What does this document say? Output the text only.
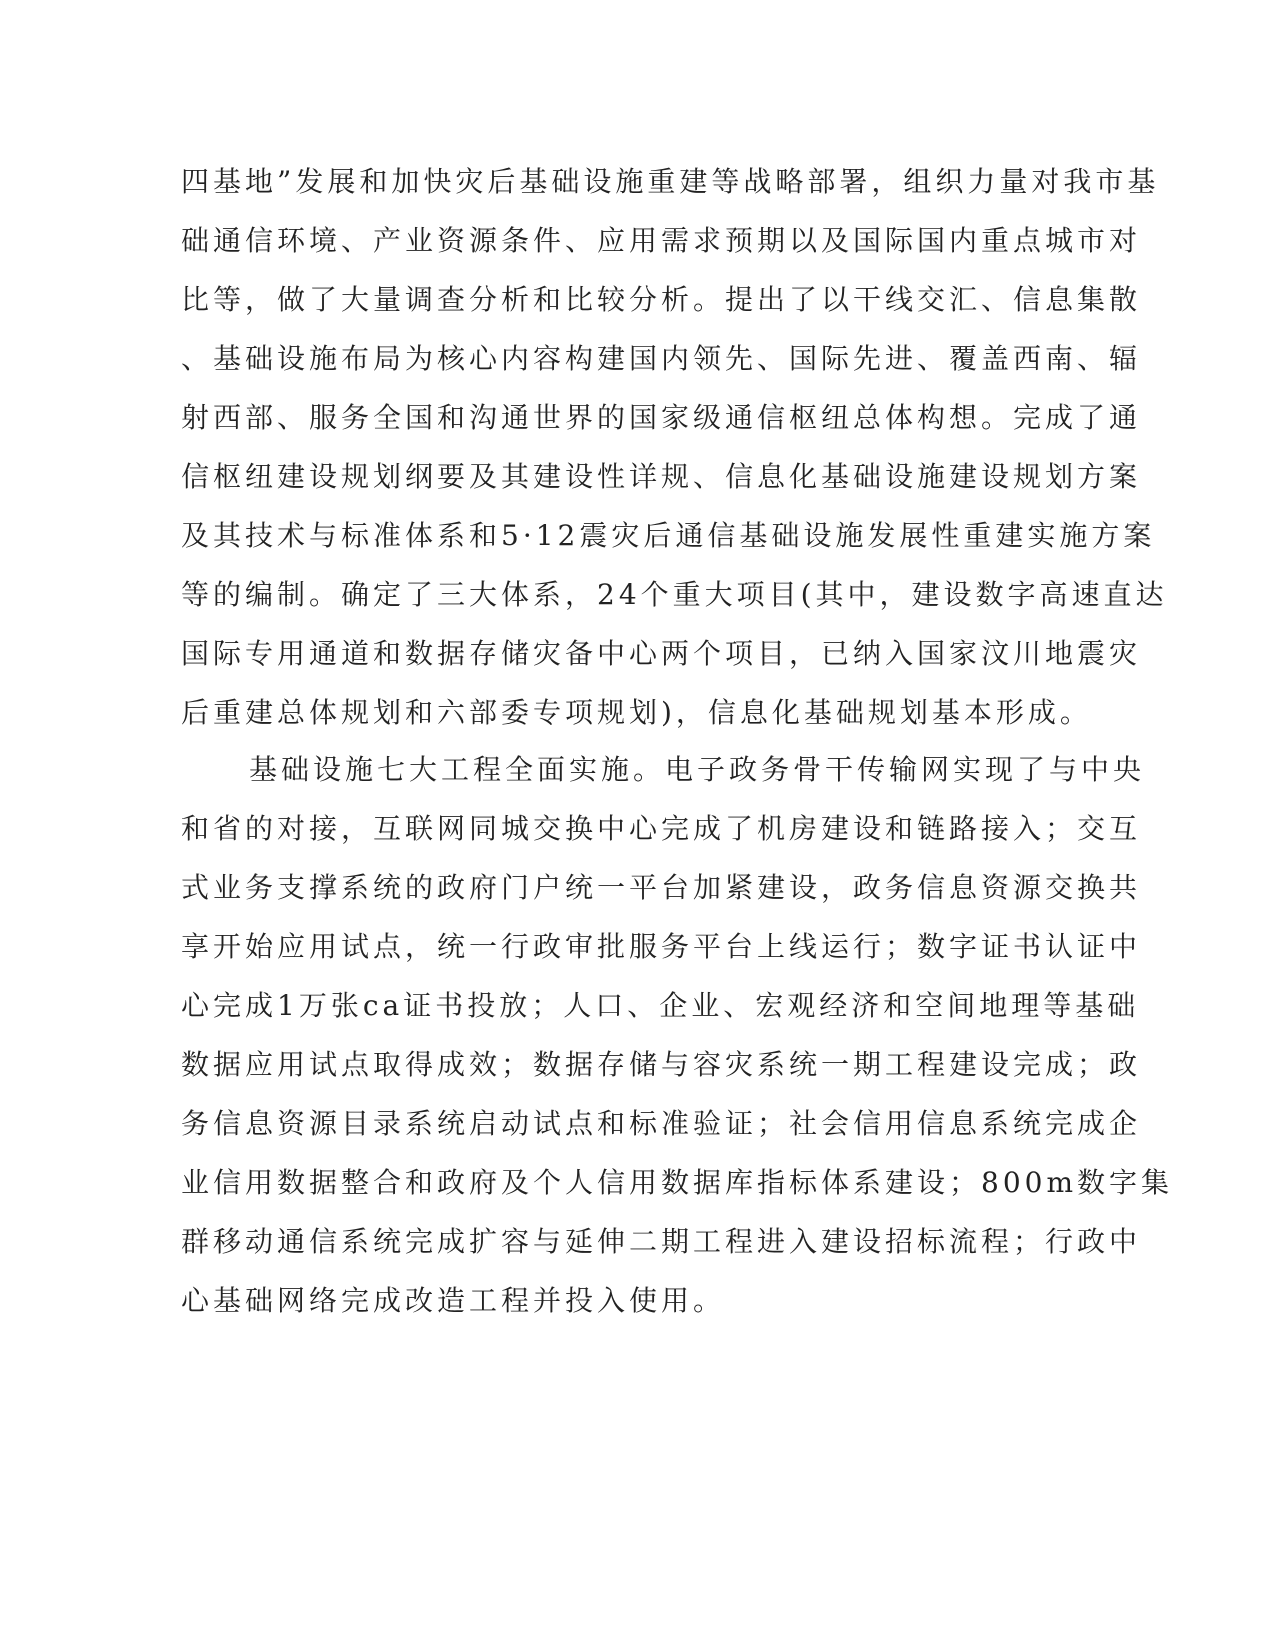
四基地”发展和加快灾后基础设施重建等战略部署，组织力量对我市基
础通信环境、产业资源条件、应用需求预期以及国际国内重点城市对
比等，做了大量调查分析和比较分析。提出了以干线交汇、信息集散
、基础设施布局为核心内容构建国内领先、国际先进、覆盖西南、辐
射西部、服务全国和沟通世界的国家级通信枢纽总体构想。完成了通
信枢纽建设规划纲要及其建设性详规、信息化基础设施建设规划方案
及其技术与标准体系和5·12震灾后通信基础设施发展性重建实施方案
等的编制。确定了三大体系，24个重大项目(其中，建设数字高速直达
国际专用通道和数据存储灾备中心两个项目，已纳入国家汶川地震灾
后重建总体规划和六部委专项规划)，信息化基础规划基本形成。
基础设施七大工程全面实施。电子政务骨干传输网实现了与中央
和省的对接，互联网同城交换中心完成了机房建设和链路接入；交互
式业务支撑系统的政府门户统一平台加紧建设，政务信息资源交换共
享开始应用试点，统一行政审批服务平台上线运行；数字证书认证中
心完成1万张ca证书投放；人口、企业、宏观经济和空间地理等基础
数据应用试点取得成效；数据存储与容灾系统一期工程建设完成；政
务信息资源目录系统启动试点和标准验证；社会信用信息系统完成企
业信用数据整合和政府及个人信用数据库指标体系建设；800m数字集
群移动通信系统完成扩容与延伸二期工程进入建设招标流程；行政中
心基础网络完成改造工程并投入使用。
